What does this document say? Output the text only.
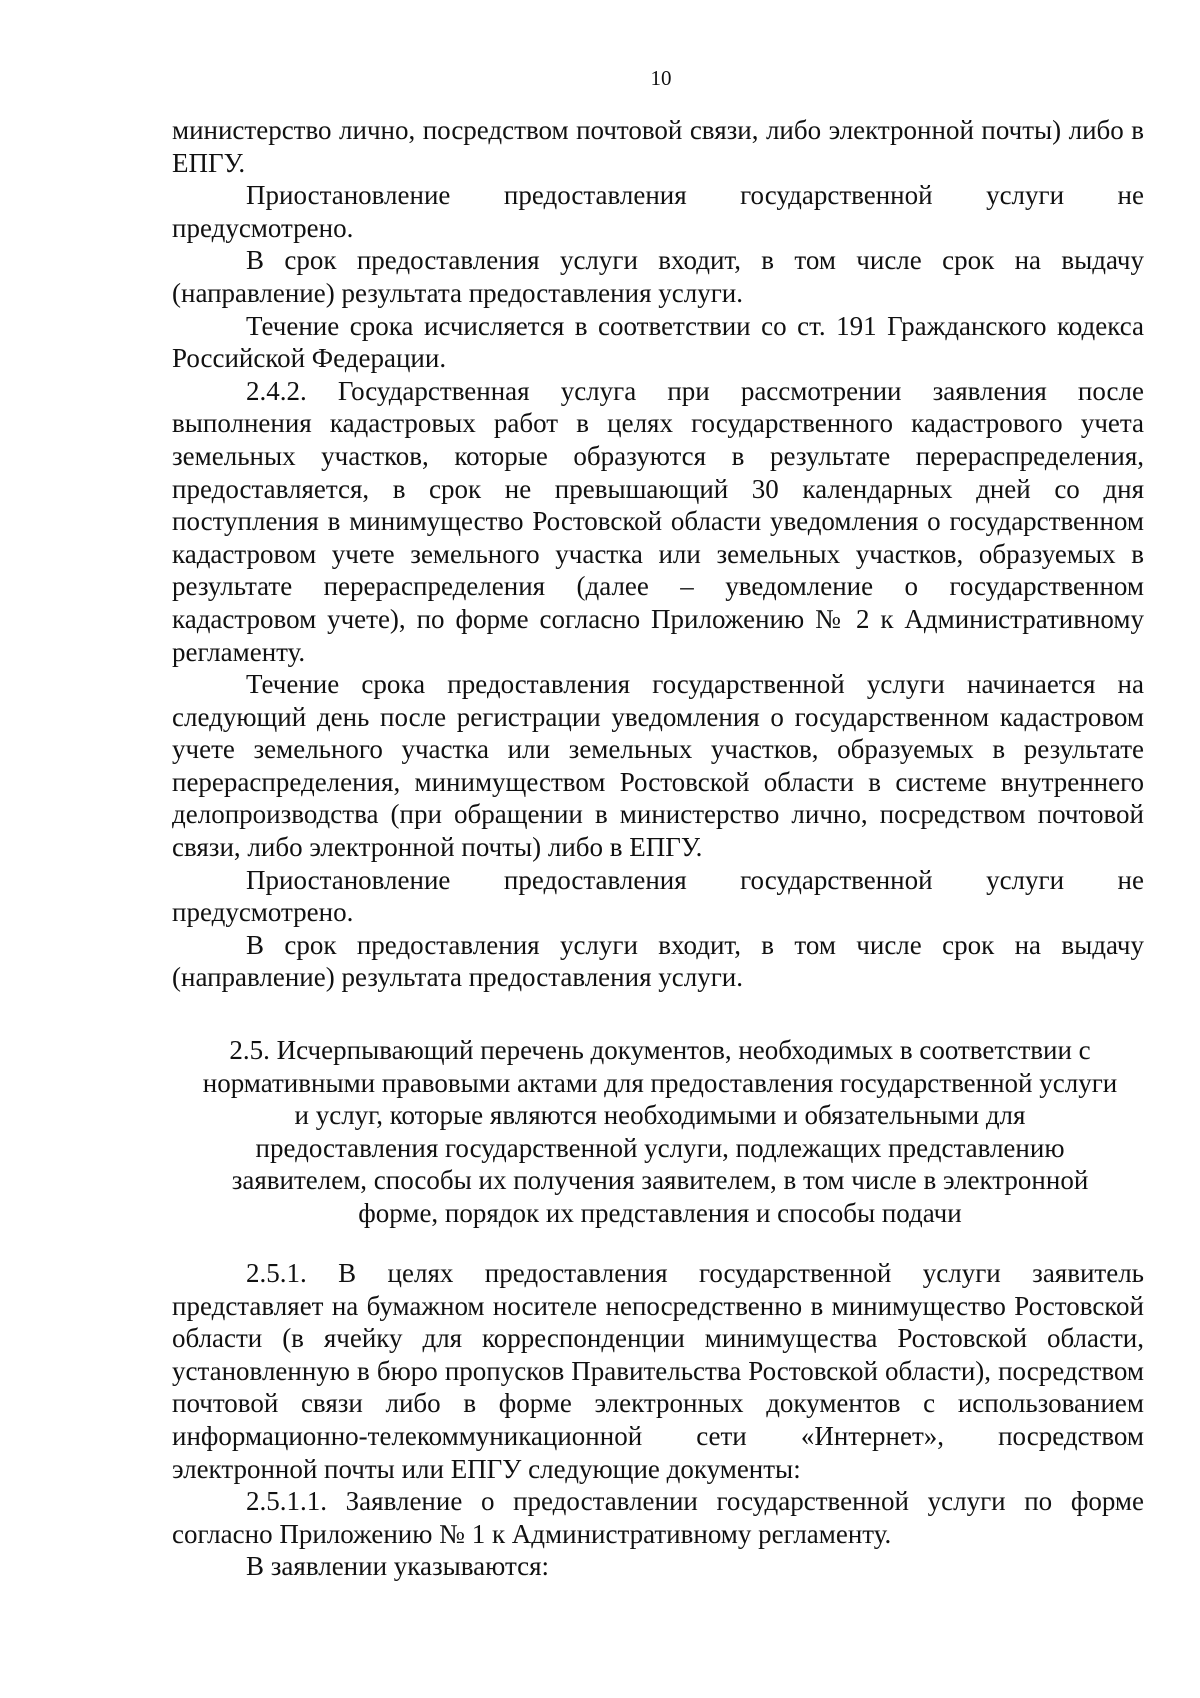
10

министерство лично, посредством почтовой связи, либо электронной почты) либо в ЕПГУ.

Приостановление предоставления государственной услуги не предусмотрено.

В срок предоставления услуги входит, в том числе срок на выдачу (направление) результата предоставления услуги.

Течение срока исчисляется в соответствии со ст. 191 Гражданского кодекса Российской Федерации.

2.4.2. Государственная услуга при рассмотрении заявления после выполнения кадастровых работ в целях государственного кадастрового учета земельных участков, которые образуются в результате перераспределения, предоставляется, в срок не превышающий 30 календарных дней со дня поступления в минимущество Ростовской области уведомления о государственном кадастровом учете земельного участка или земельных участков, образуемых в результате перераспределения (далее – уведомление о государственном кадастровом учете), по форме согласно Приложению № 2 к Административному регламенту.

Течение срока предоставления государственной услуги начинается на следующий день после регистрации уведомления о государственном кадастровом учете земельного участка или земельных участков, образуемых в результате перераспределения, минимуществом Ростовской области в системе внутреннего делопроизводства (при обращении в министерство лично, посредством почтовой связи, либо электронной почты) либо в ЕПГУ.

Приостановление предоставления государственной услуги не предусмотрено.

В срок предоставления услуги входит, в том числе срок на выдачу (направление) результата предоставления услуги.

2.5. Исчерпывающий перечень документов, необходимых в соответствии с нормативными правовыми актами для предоставления государственной услуги и услуг, которые являются необходимыми и обязательными для предоставления государственной услуги, подлежащих представлению заявителем, способы их получения заявителем, в том числе в электронной форме, порядок их представления и способы подачи

2.5.1. В целях предоставления государственной услуги заявитель представляет на бумажном носителе непосредственно в минимущество Ростовской области (в ячейку для корреспонденции минимущества Ростовской области, установленную в бюро пропусков Правительства Ростовской области), посредством почтовой связи либо в форме электронных документов с использованием информационно-телекоммуникационной сети «Интернет», посредством электронной почты или ЕПГУ следующие документы:

2.5.1.1. Заявление о предоставлении государственной услуги по форме согласно Приложению № 1 к Административному регламенту.

В заявлении указываются:
